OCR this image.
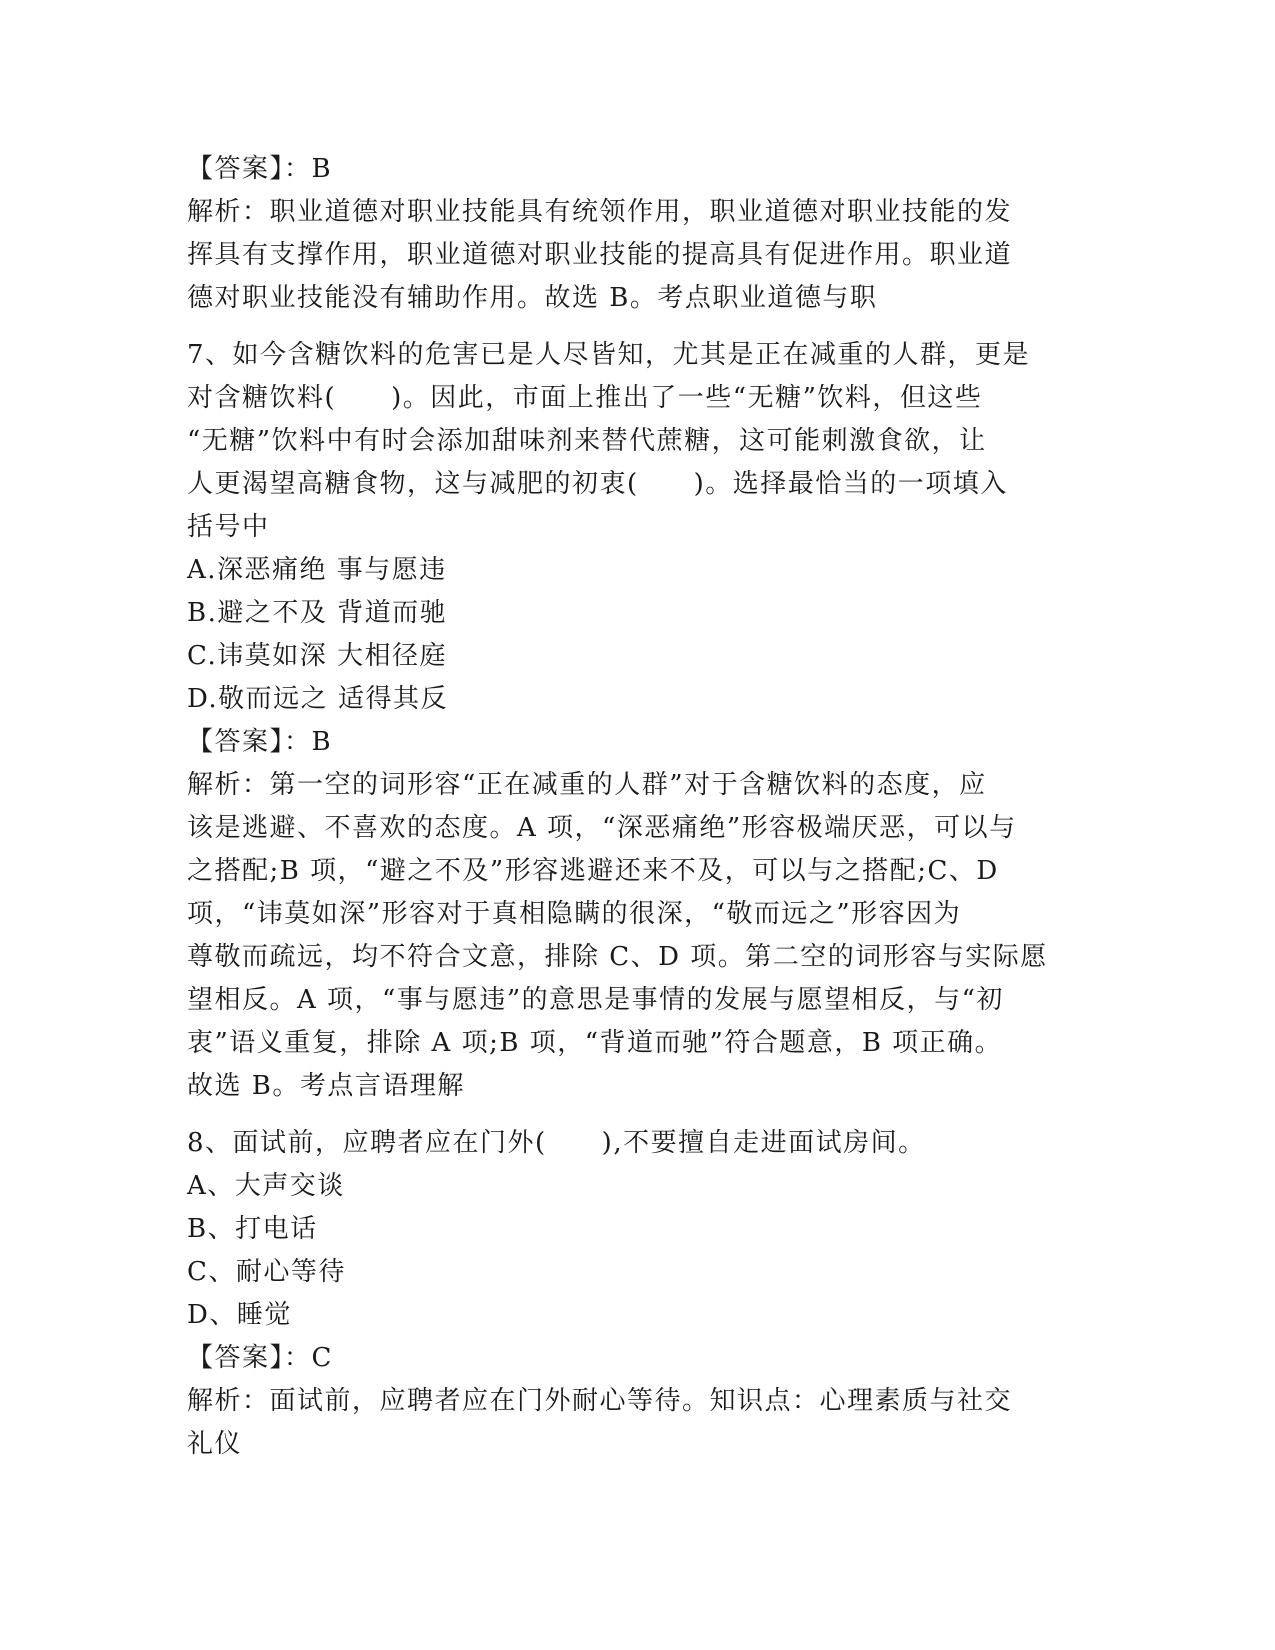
【答案】：B
解析：职业道德对职业技能具有统领作用，职业道德对职业技能的发
挥具有支撑作用，职业道德对职业技能的提高具有促进作用。职业道
德对职业技能没有辅助作用。故选 B。考点职业道德与职
7、如今含糖饮料的危害已是人尽皆知，尤其是正在减重的人群，更是
对含糖饮料(　　)。因此，市面上推出了一些“无糖”饮料，但这些
“无糖”饮料中有时会添加甜味剂来替代蔗糖，这可能刺激食欲，让
人更渴望高糖食物，这与减肥的初衷(　　)。选择最恰当的一项填入
括号中
A.深恶痛绝 事与愿违
B.避之不及 背道而驰
C.讳莫如深 大相径庭
D.敬而远之 适得其反
【答案】：B
解析：第一空的词形容“正在减重的人群”对于含糖饮料的态度，应
该是逃避、不喜欢的态度。A 项，“深恶痛绝”形容极端厌恶，可以与
之搭配;B 项，“避之不及”形容逃避还来不及，可以与之搭配;C、D
项，“讳莫如深”形容对于真相隐瞒的很深，“敬而远之”形容因为
尊敬而疏远，均不符合文意，排除 C、D 项。第二空的词形容与实际愿
望相反。A 项，“事与愿违”的意思是事情的发展与愿望相反，与“初
衷”语义重复，排除 A 项;B 项，“背道而驰”符合题意，B 项正确。
故选 B。考点言语理解
8、面试前，应聘者应在门外(　　),不要擅自走进面试房间。
A、大声交谈
B、打电话
C、耐心等待
D、睡觉
【答案】：C
解析：面试前，应聘者应在门外耐心等待。知识点：心理素质与社交
礼仪
